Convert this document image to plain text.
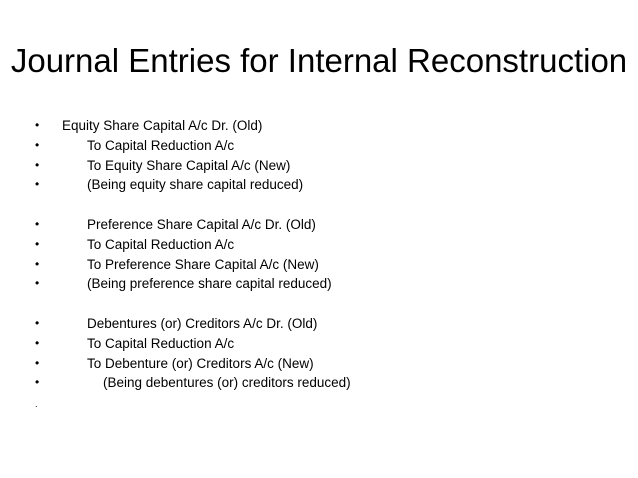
Journal Entries for Internal Reconstruction
•	Equity Share Capital A/c Dr. (Old)
•	To Capital Reduction A/c
•	To Equity Share Capital A/c (New)
•	(Being equity share capital reduced)
•	Preference Share Capital A/c Dr. (Old)
•	To Capital Reduction A/c
•	To Preference Share Capital A/c (New)
•	(Being preference share capital reduced)
•	Debentures (or) Creditors A/c Dr. (Old)
•	To Capital Reduction A/c
•	To Debenture (or) Creditors A/c (New)
•	(Being debentures (or) creditors reduced)
.
